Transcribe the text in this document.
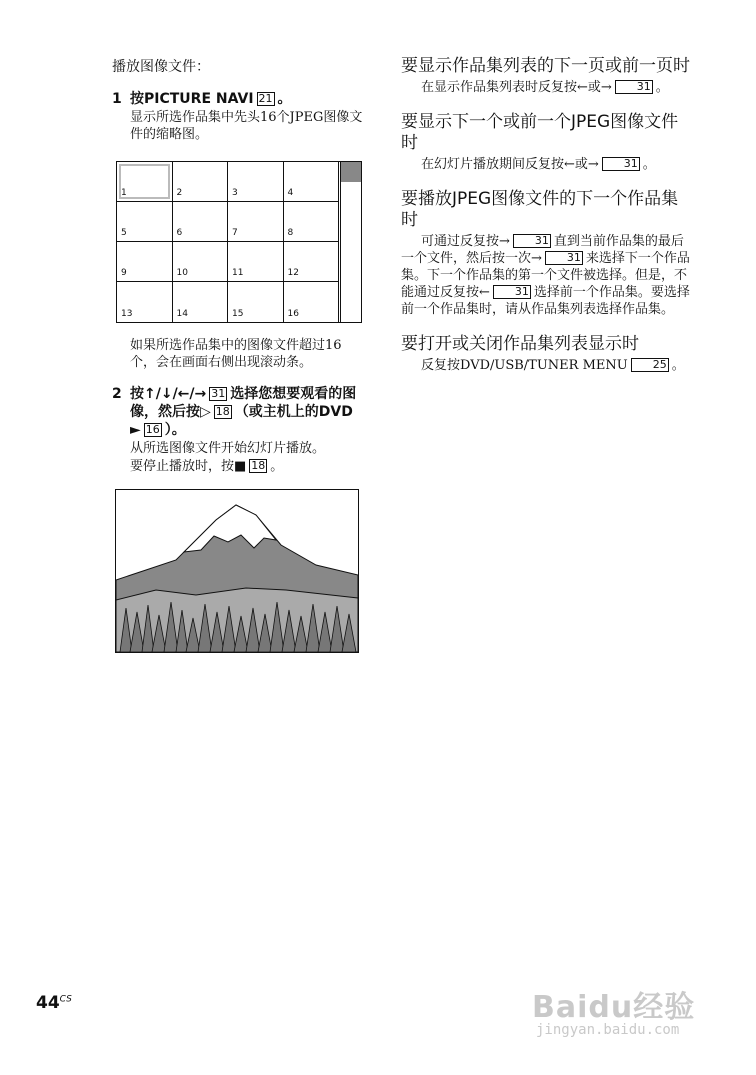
播放图像文件：
1 按PICTURE NAVI 21 。
显示所选作品集中先头16个JPEG图像文件的缩略图。
1	2	3	4
5	6	7	8
9	10	11	12
13	14	15	16
如果所选作品集中的图像文件超过16个，会在画面右侧出现滚动条。
2 按↑/↓/←/→ 31 选择您想要观看的图像，然后按▷ 18 （或主机上的DVD ► 16 ）。
从所选图像文件开始幻灯片播放。
要停止播放时，按■ 18 。
要显示作品集列表的下一页或前一页时

在显示作品集列表时反复按←或→ 31 。

要显示下一个或前一个JPEG图像文件时

在幻灯片播放期间反复按←或→ 31 。

要播放JPEG图像文件的下一个作品集时

可通过反复按→ 31 直到当前作品集的最后一个文件，然后按一次→ 31 来选择下一个作品集。下一个作品集的第一个文件被选择。但是，不能通过反复按← 31 选择前一个作品集。要选择前一个作品集时，请从作品集列表选择作品集。

要打开或关闭作品集列表显示时

反复按DVD/USB/TUNER MENU 25 。

$44^{CS}$	Baidu经验
jingyan.baidu.com
